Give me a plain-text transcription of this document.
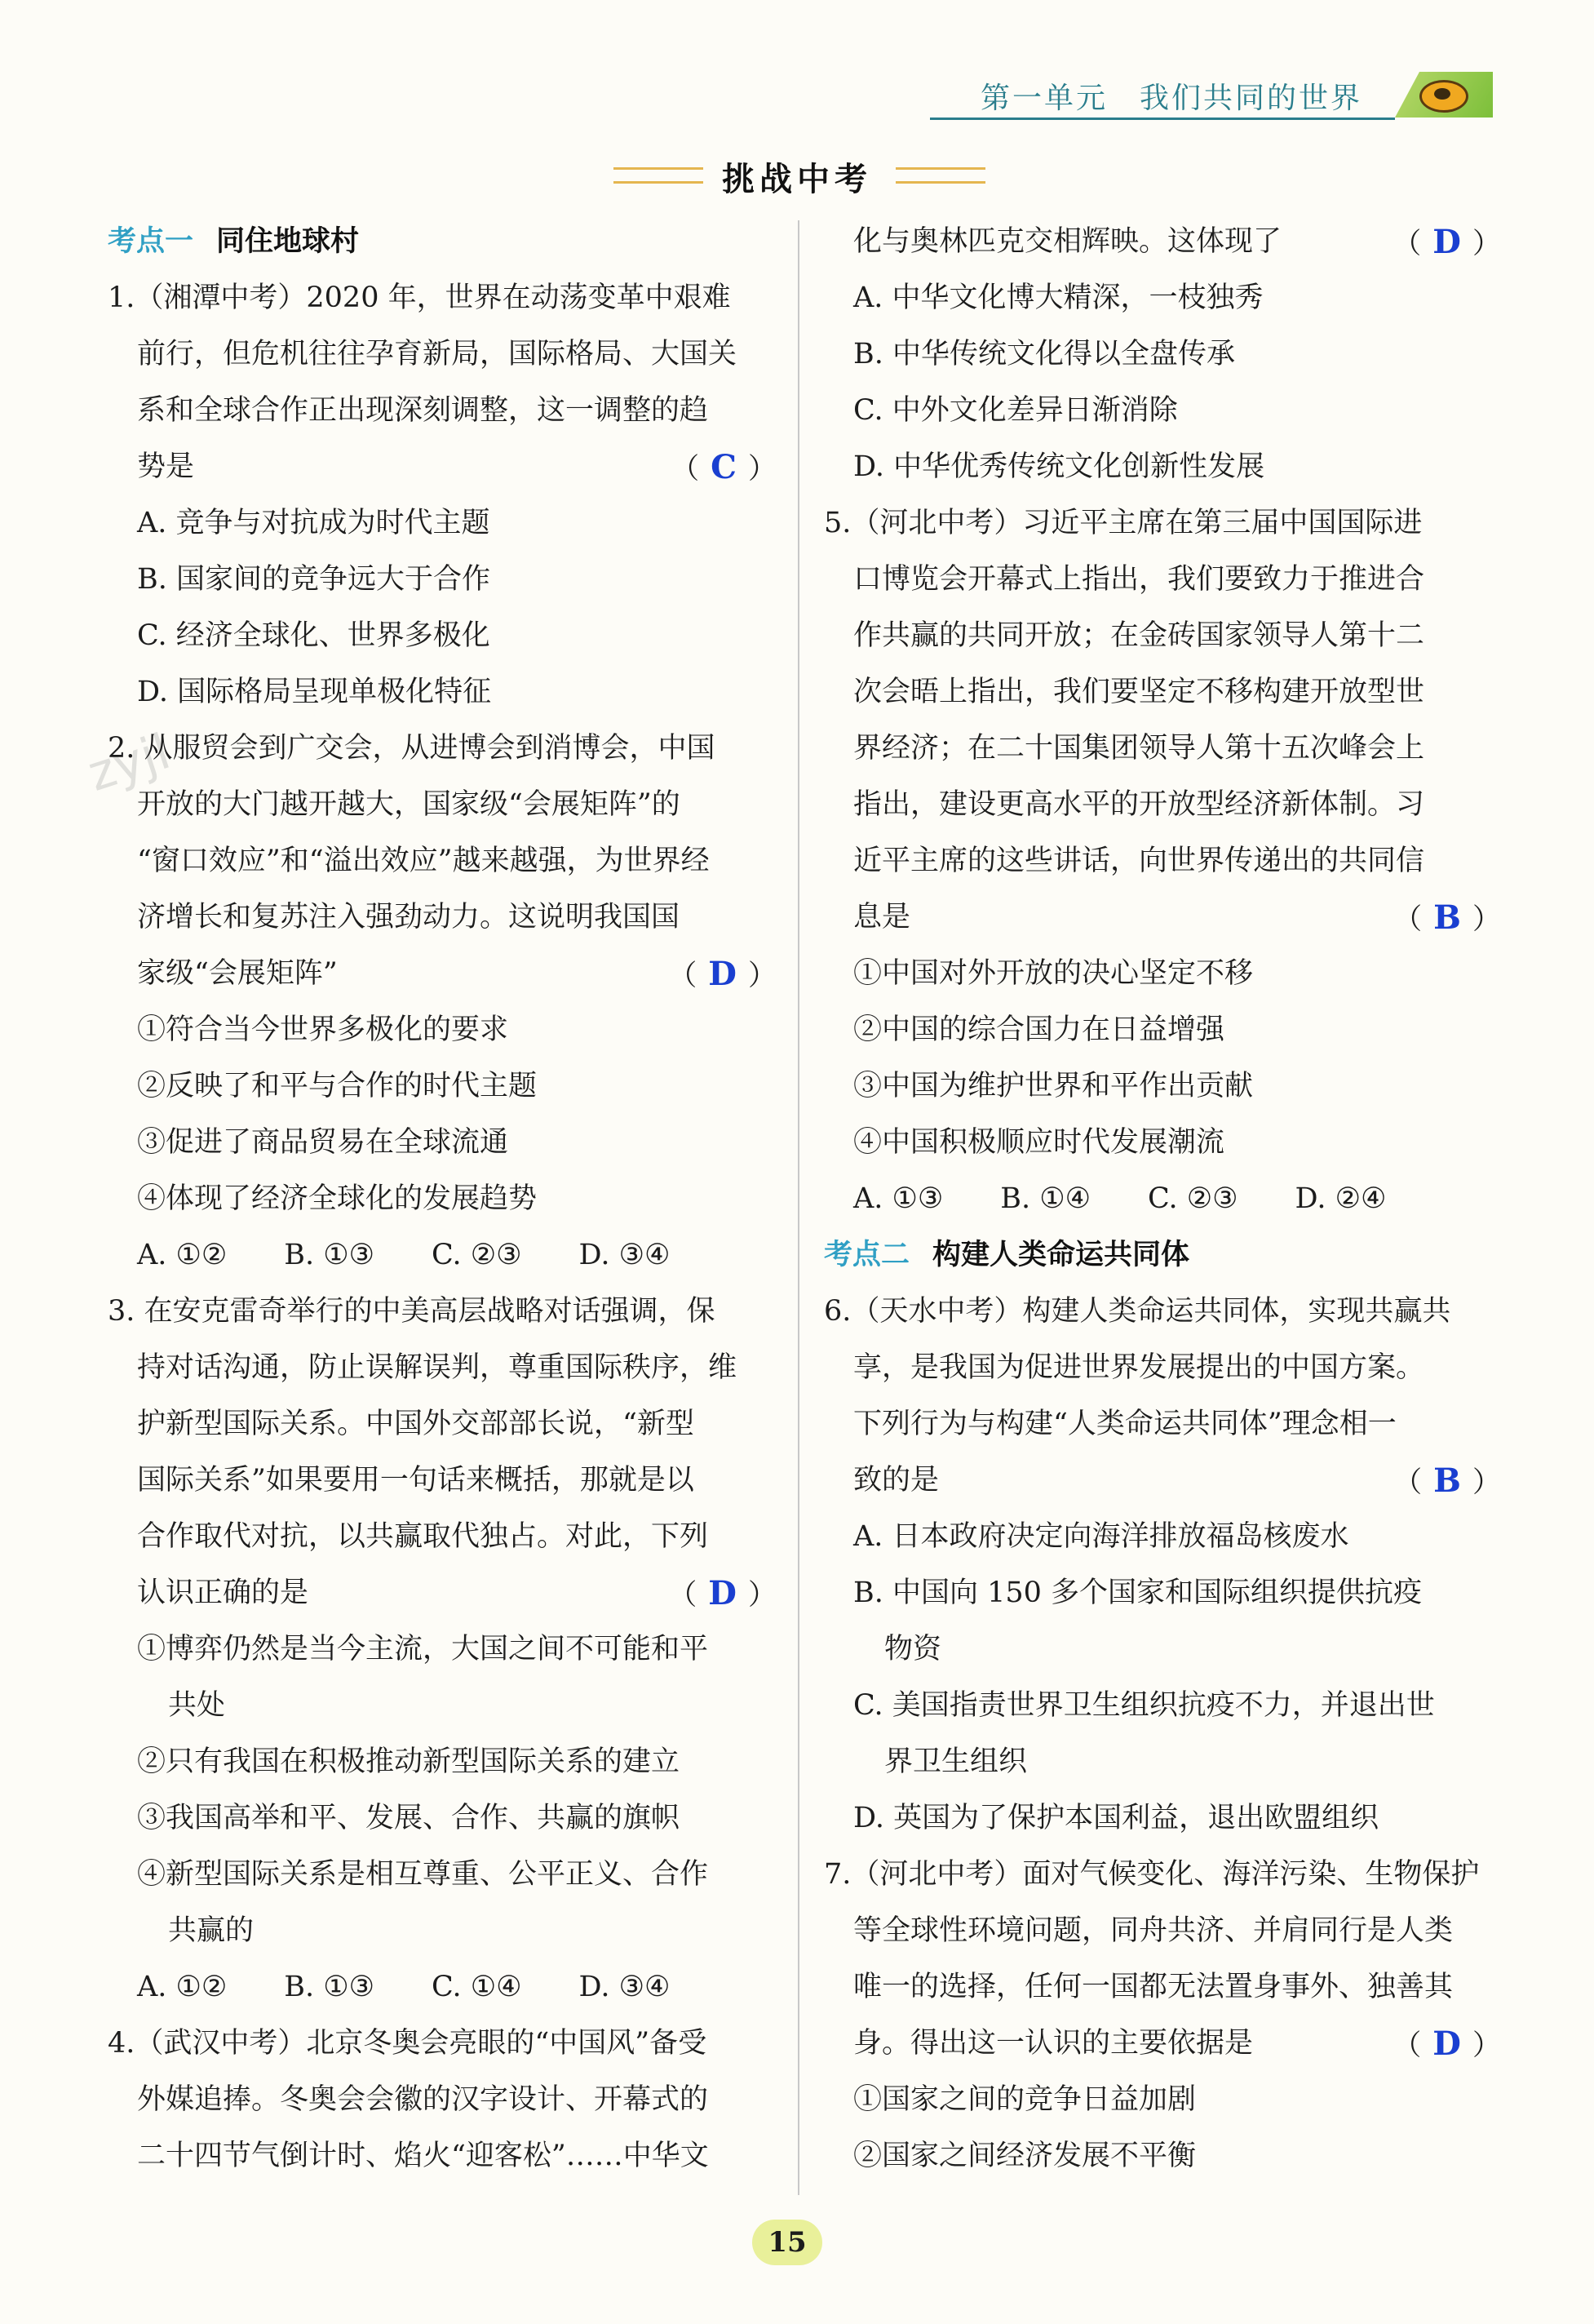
第一单元　我们共同的世界
挑战中考
zyjl
考点一 同住地球村
1.（湘潭中考）2020 年，世界在动荡变革中艰难
前行，但危机往往孕育新局，国际格局、大国关
系和全球合作正出现深刻调整，这一调整的趋
势是	（ C ）
A. 竞争与对抗成为时代主题
B. 国家间的竞争远大于合作
C. 经济全球化、世界多极化
D. 国际格局呈现单极化特征
2. 从服贸会到广交会，从进博会到消博会，中国
开放的大门越开越大，国家级“会展矩阵”的
“窗口效应”和“溢出效应”越来越强，为世界经
济增长和复苏注入强劲动力。这说明我国国
家级“会展矩阵”	（ D ）
①符合当今世界多极化的要求
②反映了和平与合作的时代主题
③促进了商品贸易在全球流通
④体现了经济全球化的发展趋势
A. ①②　　B. ①③　　C. ②③　　D. ③④
3. 在安克雷奇举行的中美高层战略对话强调，保
持对话沟通，防止误解误判，尊重国际秩序，维
护新型国际关系。中国外交部部长说，“新型
国际关系”如果要用一句话来概括，那就是以
合作取代对抗，以共赢取代独占。对此，下列
认识正确的是	（ D ）
①博弈仍然是当今主流，大国之间不可能和平
共处
②只有我国在积极推动新型国际关系的建立
③我国高举和平、发展、合作、共赢的旗帜
④新型国际关系是相互尊重、公平正义、合作
共赢的
A. ①②　　B. ①③　　C. ①④　　D. ③④
4.（武汉中考）北京冬奥会亮眼的“中国风”备受
外媒追捧。冬奥会会徽的汉字设计、开幕式的
二十四节气倒计时、焰火“迎客松”……中华文
化与奥林匹克交相辉映。这体现了	（ D ）
A. 中华文化博大精深，一枝独秀
B. 中华传统文化得以全盘传承
C. 中外文化差异日渐消除
D. 中华优秀传统文化创新性发展
5.（河北中考）习近平主席在第三届中国国际进
口博览会开幕式上指出，我们要致力于推进合
作共赢的共同开放；在金砖国家领导人第十二
次会晤上指出，我们要坚定不移构建开放型世
界经济；在二十国集团领导人第十五次峰会上
指出，建设更高水平的开放型经济新体制。习
近平主席的这些讲话，向世界传递出的共同信
息是	（ B ）
①中国对外开放的决心坚定不移
②中国的综合国力在日益增强
③中国为维护世界和平作出贡献
④中国积极顺应时代发展潮流
A. ①③　　B. ①④　　C. ②③　　D. ②④
考点二 构建人类命运共同体
6.（天水中考）构建人类命运共同体，实现共赢共
享，是我国为促进世界发展提出的中国方案。
下列行为与构建“人类命运共同体”理念相一
致的是	（ B ）
A. 日本政府决定向海洋排放福岛核废水
B. 中国向 150 多个国家和国际组织提供抗疫
物资
C. 美国指责世界卫生组织抗疫不力，并退出世
界卫生组织
D. 英国为了保护本国利益，退出欧盟组织
7.（河北中考）面对气候变化、海洋污染、生物保护
等全球性环境问题，同舟共济、并肩同行是人类
唯一的选择，任何一国都无法置身事外、独善其
身。得出这一认识的主要依据是	（ D ）
①国家之间的竞争日益加剧
②国家之间经济发展不平衡
15
